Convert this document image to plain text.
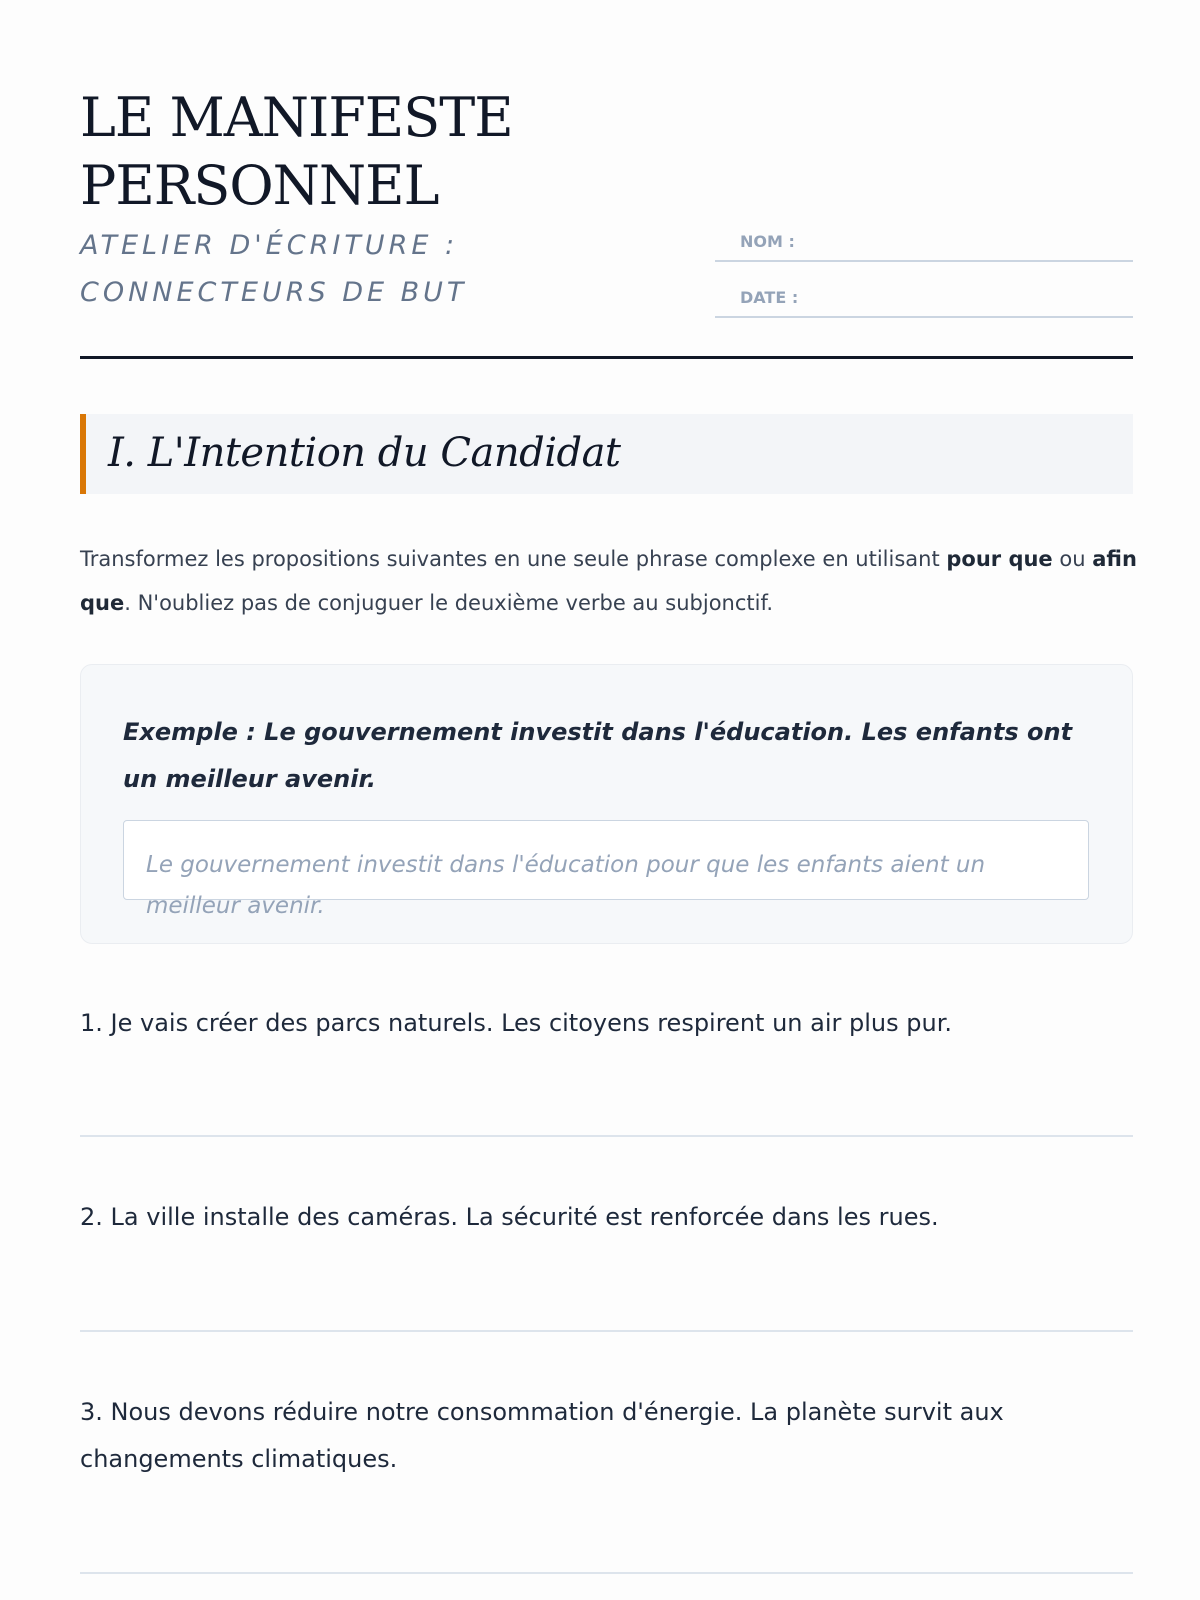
LE MANIFESTE
PERSONNEL

ATELIER D'ÉCRITURE : CONNECTEURS DE BUT

NOM :
DATE :
I. L'Intention du Candidat

Transformez les propositions suivantes en une seule phrase complexe en utilisant pour que ou afin que. N'oubliez pas de conjuguer le deuxième verbe au subjonctif.

Exemple : Le gouvernement investit dans l'éducation. Les enfants ont un meilleur avenir.

Le gouvernement investit dans l'éducation pour que les enfants aient un meilleur avenir.

1. Je vais créer des parcs naturels. Les citoyens respirent un air plus pur.

2. La ville installe des caméras. La sécurité est renforcée dans les rues.

3. Nous devons réduire notre consommation d'énergie. La planète survit aux changements climatiques.
